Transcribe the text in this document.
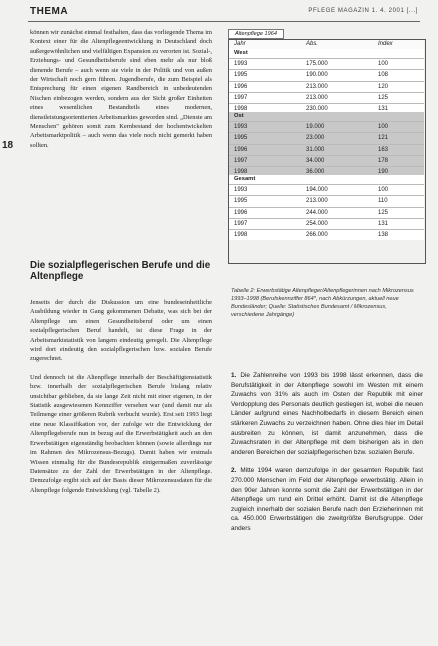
THEMA	PFLEGE MAGAZIN 1. 4. 2001 [...]
18

können wir zunächst einmal festhalten, dass das vorliegende Thema im Kontext einer für die Altenpflegeentwicklung in Deutschland doch außergewöhnlichen und vielfältigen Expansion zu verorten ist. Sozial-, Erziehungs- und Gesundheitsberufe sind eben mehr als nur bloß dienende Berufe – auch wenn sie viele in der Politik und von außen der Wirtschaft noch gern führen. Jugendberufe, die zum Beispiel als Entsprechung für einen eigenen Randbereich in unbedeutenden Nischen einbezogen werden, sondern aus der Sicht großer Einheiten eines wesentlichen Bestandteils eines modernen, dienstleistungsorientierten Arbeitsmarktes geworden sind. „Dienste am Menschen" gehören somit zum Kernbestand der hochentwickelten Arbeitsmarktpolitik – auch wenn das viele noch nicht gemerkt haben sollten.

Die sozialpflegerischen Berufe und die Altenpflege

Jenseits der durch die Diskussion um eine bundeseinheitliche Ausbildung wieder in Gang gekommenen Debatte, was sich bei der Altenpflege um einen Gesundheitsberuf oder um einen sozialpflegerischen Beruf handelt, ist diese Frage in der Arbeitsmarktstatistik von langem eindeutig geregelt. Die Altenpflege wird dort eindeutig den sozialpflegerischen bzw. sozialen Berufe zugerechnet.

Und dennoch ist die Altenpflege innerhalb der Beschäftigtenstatistik bzw. innerhalb der sozialpflegerischen Berufe bislang relativ unsichtbar geblieben, da sie lange Zeit nicht mit einer eigenen, in der Statistik ausgewiesenen Kennziffer versehen war (und damit nur als Teilmenge einer größeren Rubrik verbucht wurde). Erst seit 1993 liegt eine neue Klassifikation vor, der zufolge wir die Entwicklung der Altenpflegeberufe nun in bezug auf die Erwerbstätigkeit auch an den Erwerbstätigen eigenständig beobachten können (sowie allerdings nur im Rahmen des Mikrozensus-Bezugs). Damit haben wir erstmals Wissen einmalig für die Bundesrepublik einigermaßen zuverlässige Datensätze zu der Zahl der Erwerbstätigen in der Altenpflege. Demzufolge ergibt sich auf der Basis dieser Mikrozensusdaten für die Altenpflege folgende Entwicklung (vgl. Tabelle 2).

Altenpflege 1964
Jahr	Abs.	Index
West
1993	175.000	100
1995	190.000	108
1996	213.000	120
1997	213.000	125
1998	230.000	131
Ost
1993	19.000	100
1995	23.000	121
1996	31.000	163
1997	34.000	178
1998	36.000	190
Gesamt
1993	194.000	100
1995	213.000	110
1996	244.000	125
1997	254.000	131
1998	266.000	138
Tabelle 2: Erwerbstätige Altenpfleger/Altenpflegerinnen nach Mikrozensus 1993–1998 (Berufskennziffer 864*, nach Abkürzungen, aktuell neue Bundesländer; Quelle: Statistisches Bundesamt / Mikrozensus, verschiedene Jahrgänge)

1. Die Zahlenreihe von 1993 bis 1998 lässt erkennen, dass die Berufstätigkeit in der Altenpflege sowohl im Westen mit einem Zuwachs von 31% als auch im Osten der Republik mit einer Verdopplung des Personals deutlich gestiegen ist, wobei die neuen Länder aufgrund eines Nachholbedarfs in diesem Bereich einen stärkeren Zuwachs zu verzeichnen haben. Ohne dies hier im Detail ausbreiten zu können, ist damit anzunehmen, dass die Zuwachsraten in der Altenpflege mit dem bisherigen als in den anderen Bereichen der sozialpflegerischen bzw. sozialen Berufe.

2. Mitte 1994 waren demzufolge in der gesamten Republik fast 270.000 Menschen im Feld der Altenpflege erwerbstätig. Allein in den 90er Jahren konnte somit die Zahl der Erwerbstätigen in der Altenpflege um rund ein Drittel erhöht. Damit ist die Altenpflege zugleich innerhalb der sozialen Berufe nach den Erzieherinnen mit ca. 450.000 Erwerbstätigen die zweitgrößte Berufsgruppe. Oder anders
